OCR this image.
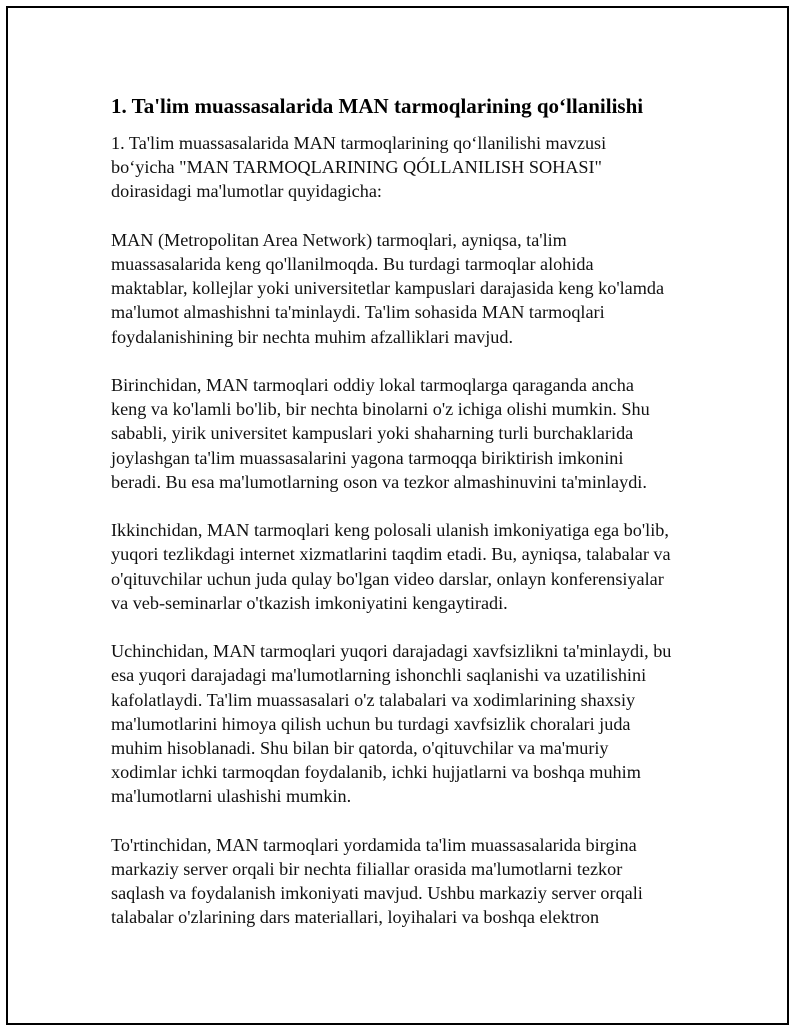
1. Ta'lim muassasalarida MAN tarmoqlarining qo‘llanilishi

1. Ta'lim muassasalarida MAN tarmoqlarining qo‘llanilishi mavzusi
bo‘yicha "MAN TARMOQLARINING QÓLLANILISH SOHASI"
doirasidagi ma'lumotlar quyidagicha:

MAN (Metropolitan Area Network) tarmoqlari, ayniqsa, ta'lim
muassasalarida keng qo'llanilmoqda. Bu turdagi tarmoqlar alohida
maktablar, kollejlar yoki universitetlar kampuslari darajasida keng ko'lamda
ma'lumot almashishni ta'minlaydi. Ta'lim sohasida MAN tarmoqlari
foydalanishining bir nechta muhim afzalliklari mavjud.

Birinchidan, MAN tarmoqlari oddiy lokal tarmoqlarga qaraganda ancha
keng va ko'lamli bo'lib, bir nechta binolarni o'z ichiga olishi mumkin. Shu
sababli, yirik universitet kampuslari yoki shaharning turli burchaklarida
joylashgan ta'lim muassasalarini yagona tarmoqqa biriktirish imkonini
beradi. Bu esa ma'lumotlarning oson va tezkor almashinuvini ta'minlaydi.

Ikkinchidan, MAN tarmoqlari keng polosali ulanish imkoniyatiga ega bo'lib,
yuqori tezlikdagi internet xizmatlarini taqdim etadi. Bu, ayniqsa, talabalar va
o'qituvchilar uchun juda qulay bo'lgan video darslar, onlayn konferensiyalar
va veb-seminarlar o'tkazish imkoniyatini kengaytiradi.

Uchinchidan, MAN tarmoqlari yuqori darajadagi xavfsizlikni ta'minlaydi, bu
esa yuqori darajadagi ma'lumotlarning ishonchli saqlanishi va uzatilishini
kafolatlaydi. Ta'lim muassasalari o'z talabalari va xodimlarining shaxsiy
ma'lumotlarini himoya qilish uchun bu turdagi xavfsizlik choralari juda
muhim hisoblanadi. Shu bilan bir qatorda, o'qituvchilar va ma'muriy
xodimlar ichki tarmoqdan foydalanib, ichki hujjatlarni va boshqa muhim
ma'lumotlarni ulashishi mumkin.

To'rtinchidan, MAN tarmoqlari yordamida ta'lim muassasalarida birgina
markaziy server orqali bir nechta filiallar orasida ma'lumotlarni tezkor
saqlash va foydalanish imkoniyati mavjud. Ushbu markaziy server orqali
talabalar o'zlarining dars materiallari, loyihalari va boshqa elektron
